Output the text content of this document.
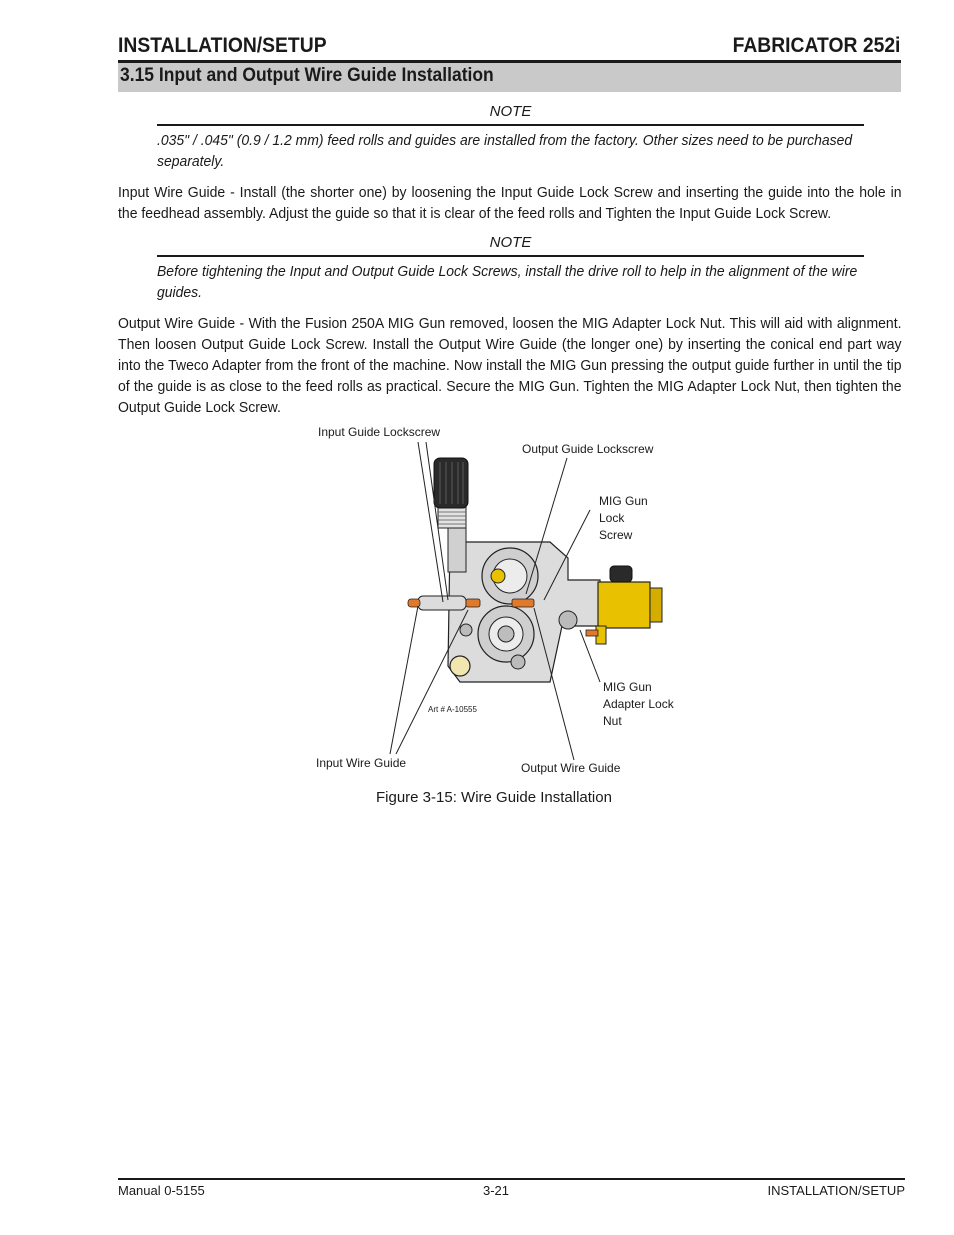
INSTALLATION/SETUP	FABRICATOR 252i
3.15 Input and Output Wire Guide Installation
NOTE
.035" / .045" (0.9 / 1.2 mm) feed rolls and guides are installed from the factory. Other sizes need to be purchased separately.
Input Wire Guide - Install (the shorter one) by loosening the Input Guide Lock Screw and inserting the guide into the hole in the feedhead assembly. Adjust the guide so that it is clear of the feed rolls and Tighten the Input Guide Lock Screw.
NOTE
Before tightening the Input and Output Guide Lock Screws, install the drive roll to help in the alignment of the wire guides.
Output Wire Guide - With the Fusion 250A MIG Gun removed, loosen the MIG Adapter Lock Nut. This will aid with alignment. Then loosen Output Guide Lock Screw. Install the Output Wire Guide (the longer one) by inserting the conical end part way into the Tweco Adapter from the front of the machine. Now install the MIG Gun pressing the output guide further in until the tip of the guide is as close to the feed rolls as practical. Secure the MIG Gun. Tighten the MIG Adapter Lock Nut, then tighten the Output Guide Lock Screw.
Input Guide Lockscrew
Output Guide Lockscrew
MIG Gun
Lock
Screw
MIG Gun
Adapter Lock
Nut
Art # A-10555
Input Wire Guide	Output Wire Guide
Figure 3-15: Wire Guide Installation
Manual 0-5155	3-21	INSTALLATION/SETUP
